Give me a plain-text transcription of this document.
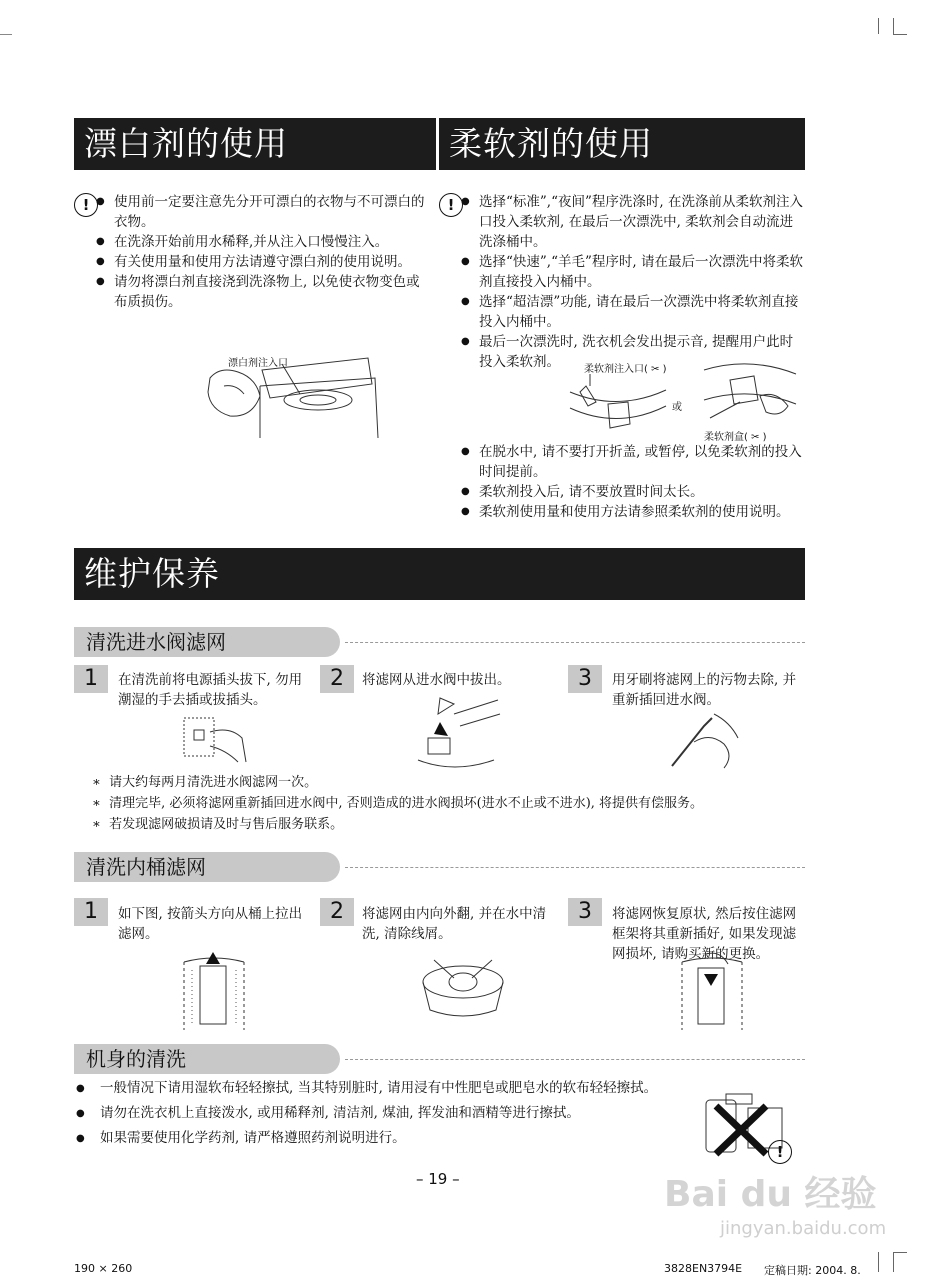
漂白剂的使用
!	● 使用前一定要注意先分开可漂白的衣物与不可漂白的衣物。
● 在洗涤开始前用水稀释,并从注入口慢慢注入。
● 有关使用量和使用方法请遵守漂白剂的使用说明。
● 请勿将漂白剂直接浇到洗涤物上, 以免使衣物变色或布质损伤。
漂白剂注入口
柔软剂的使用
!	● 选择“标准”,“夜间”程序洗涤时, 在洗涤前从柔软剂注入口投入柔软剂, 在最后一次漂洗中, 柔软剂会自动流进洗涤桶中。
● 选择“快速”,“羊毛”程序时, 请在最后一次漂洗中将柔软剂直接投入内桶中。
● 选择“超洁漂”功能, 请在最后一次漂洗中将柔软剂直接投入内桶中。
● 最后一次漂洗时, 洗衣机会发出提示音, 提醒用户此时投入柔软剂。	柔软剂注入口( ✂ )
或
柔软剂盒( ✂ )
● 在脱水中, 请不要打开折盖, 或暂停, 以免柔软剂的投入时间提前。
● 柔软剂投入后, 请不要放置时间太长。
● 柔软剂使用量和使用方法请参照柔软剂的使用说明。
维护保养
清洗进水阀滤网
1	在清洗前将电源插头拔下, 勿用潮湿的手去插或拔插头。
2	将滤网从进水阀中拔出。	3	用牙刷将滤网上的污物去除, 并重新插回进水阀。
∗ 请大约每两月清洗进水阀滤网一次。
∗ 清理完毕, 必须将滤网重新插回进水阀中, 否则造成的进水阀损坏(进水不止或不进水), 将提供有偿服务。
∗ 若发现滤网破损请及时与售后服务联系。
清洗内桶滤网
1	如下图, 按箭头方向从桶上拉出滤网。
2	将滤网由内向外翻, 并在水中清洗, 清除线屑。
3	将滤网恢复原状, 然后按住滤网框架将其重新插好, 如果发现滤网损坏, 请购买新的更换。
机身的清洗
● 一般情况下请用湿软布轻轻擦拭, 当其特别脏时, 请用浸有中性肥皂或肥皂水的软布轻轻擦拭。
● 请勿在洗衣机上直接泼水, 或用稀释剂, 清洁剂, 煤油, 挥发油和酒精等进行擦拭。
● 如果需要使用化学药剂, 请严格遵照药剂说明进行。
!
– 19 –	Bai du 经验
jingyan.baidu.com
190 × 260	3828EN3794E 定稿日期: 2004. 8.
